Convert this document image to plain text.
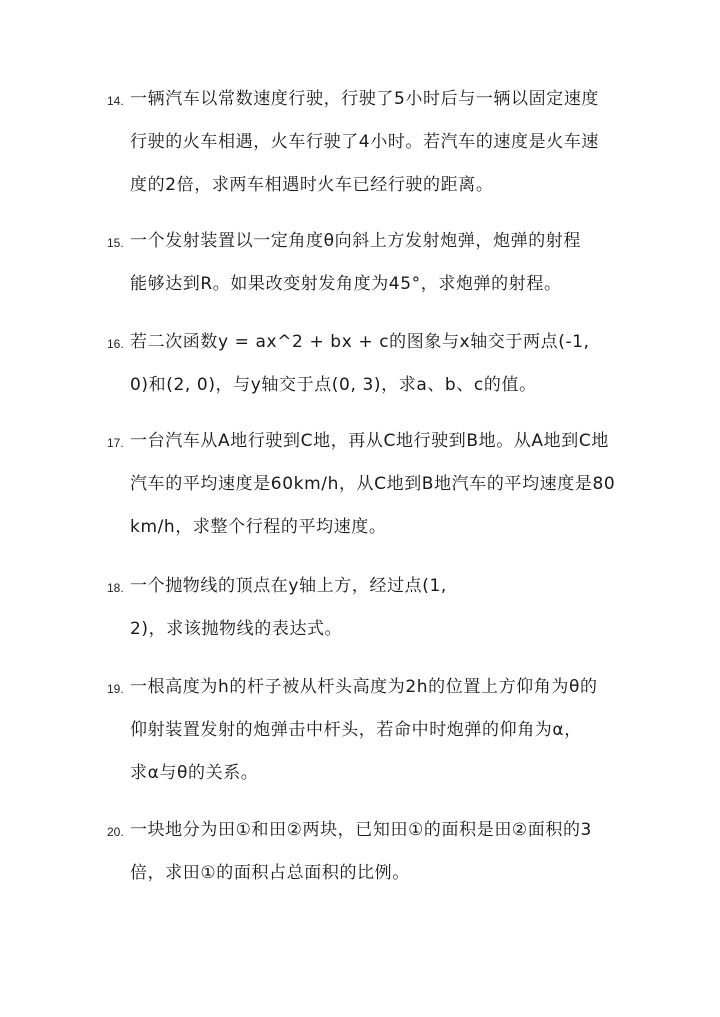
14. 一辆汽车以常数速度行驶，行驶了5小时后与一辆以固定速度
行驶的火车相遇，火车行驶了4小时。若汽车的速度是火车速
度的2倍，求两车相遇时火车已经行驶的距离。
15. 一个发射装置以一定角度θ向斜上方发射炮弹，炮弹的射程
能够达到R。如果改变射发角度为45°，求炮弹的射程。
16. 若二次函数y = ax^2 + bx + c的图象与x轴交于两点(-1,
0)和(2, 0)，与y轴交于点(0, 3)，求a、b、c的值。
17. 一台汽车从A地行驶到C地，再从C地行驶到B地。从A地到C地
汽车的平均速度是60km/h，从C地到B地汽车的平均速度是80
km/h，求整个行程的平均速度。
18. 一个抛物线的顶点在y轴上方，经过点(1,
2)，求该抛物线的表达式。
19. 一根高度为h的杆子被从杆头高度为2h的位置上方仰角为θ的
仰射装置发射的炮弹击中杆头，若命中时炮弹的仰角为α，
求α与θ的关系。
20. 一块地分为田①和田②两块，已知田①的面积是田②面积的3
倍，求田①的面积占总面积的比例。
